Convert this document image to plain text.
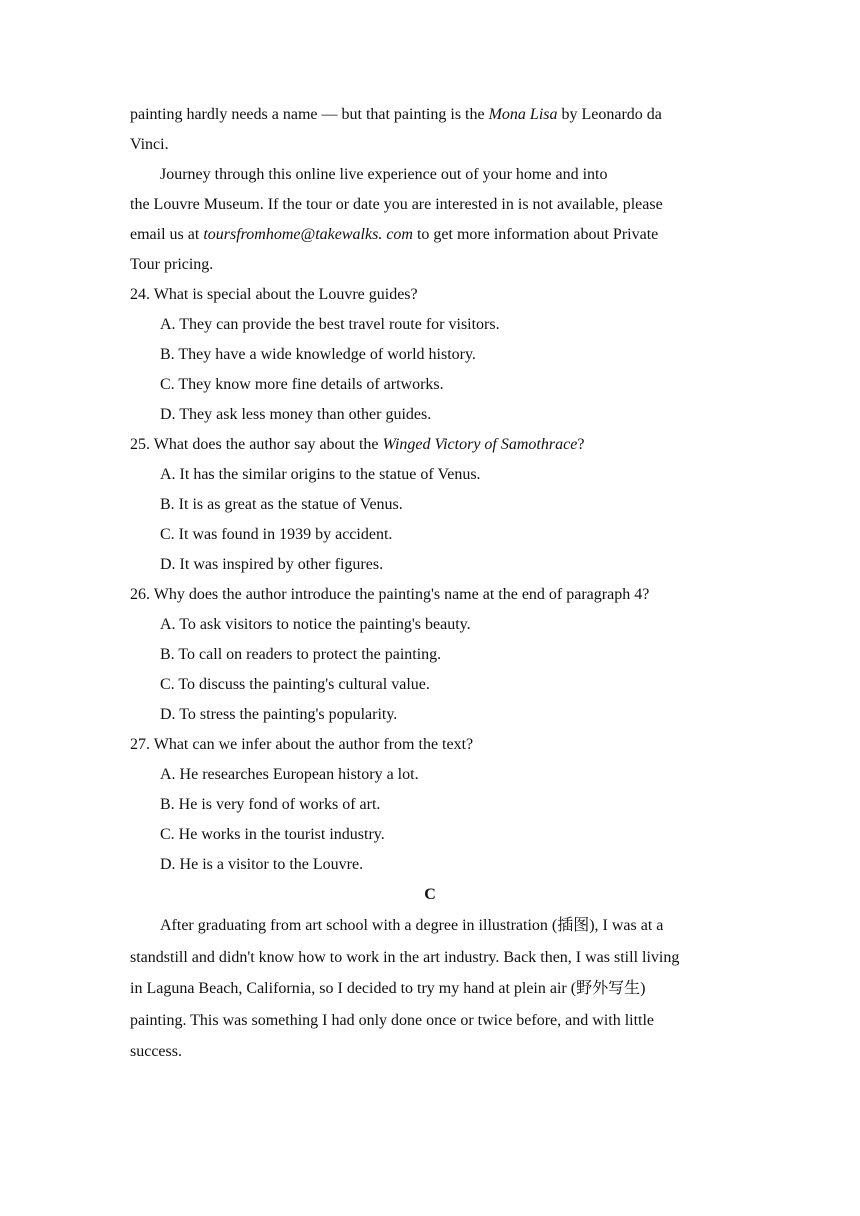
painting hardly needs a name — but that painting is the Mona Lisa by Leonardo da
Vinci.
Journey through this online live experience out of your home and into
the Louvre Museum. If the tour or date you are interested in is not available, please
email us at toursfromhome@takewalks. com to get more information about Private
Tour pricing.
24. What is special about the Louvre guides?
A. They can provide the best travel route for visitors.
B. They have a wide knowledge of world history.
C. They know more fine details of artworks.
D. They ask less money than other guides.
25. What does the author say about the Winged Victory of Samothrace?
A. It has the similar origins to the statue of Venus.
B. It is as great as the statue of Venus.
C. It was found in 1939 by accident.
D. It was inspired by other figures.
26. Why does the author introduce the painting's name at the end of paragraph 4?
A. To ask visitors to notice the painting's beauty.
B. To call on readers to protect the painting.
C. To discuss the painting's cultural value.
D. To stress the painting's popularity.
27. What can we infer about the author from the text?
A. He researches European history a lot.
B. He is very fond of works of art.
C. He works in the tourist industry.
D. He is a visitor to the Louvre.
C
After graduating from art school with a degree in illustration (插图), I was at a
standstill and didn't know how to work in the art industry. Back then, I was still living
in Laguna Beach, California, so I decided to try my hand at plein air (野外写生)
painting. This was something I had only done once or twice before, and with little
success.
